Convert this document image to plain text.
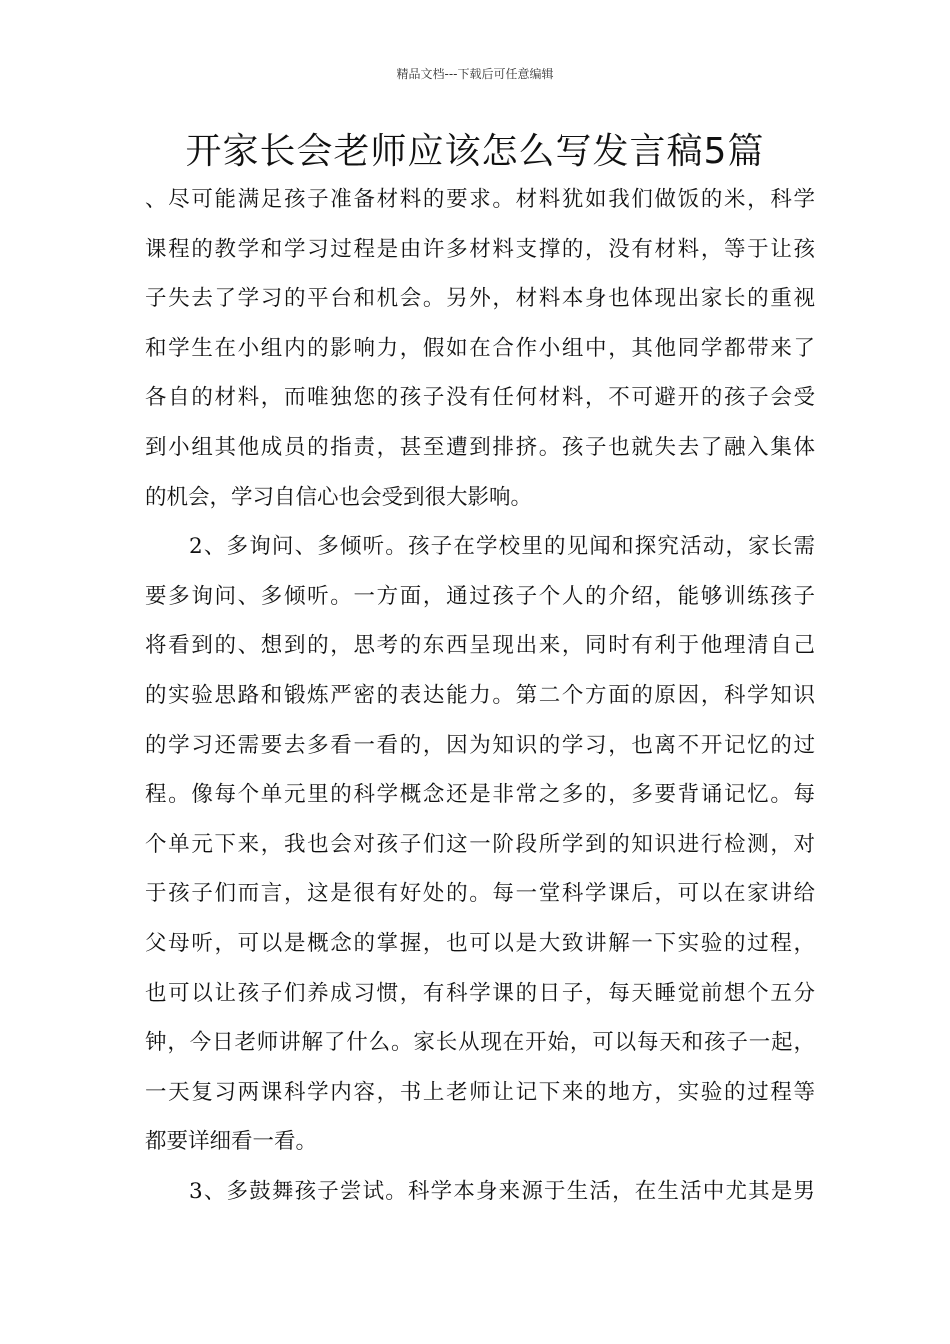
精品文档---下载后可任意编辑
开家长会老师应该怎么写发言稿5篇
、尽可能满足孩子准备材料的要求。材料犹如我们做饭的米，科学
课程的教学和学习过程是由许多材料支撑的，没有材料，等于让孩
子失去了学习的平台和机会。另外，材料本身也体现出家长的重视
和学生在小组内的影响力，假如在合作小组中，其他同学都带来了
各自的材料，而唯独您的孩子没有任何材料，不可避开的孩子会受
到小组其他成员的指责，甚至遭到排挤。孩子也就失去了融入集体
的机会，学习自信心也会受到很大影响。
2、多询问、多倾听。孩子在学校里的见闻和探究活动，家长需
要多询问、多倾听。一方面，通过孩子个人的介绍，能够训练孩子
将看到的、想到的，思考的东西呈现出来，同时有利于他理清自己
的实验思路和锻炼严密的表达能力。第二个方面的原因，科学知识
的学习还需要去多看一看的，因为知识的学习，也离不开记忆的过
程。像每个单元里的科学概念还是非常之多的，多要背诵记忆。每
个单元下来，我也会对孩子们这一阶段所学到的知识进行检测，对
于孩子们而言，这是很有好处的。每一堂科学课后，可以在家讲给
父母听，可以是概念的掌握，也可以是大致讲解一下实验的过程，
也可以让孩子们养成习惯，有科学课的日子，每天睡觉前想个五分
钟，今日老师讲解了什么。家长从现在开始，可以每天和孩子一起，
一天复习两课科学内容，书上老师让记下来的地方，实验的过程等
都要详细看一看。
3、多鼓舞孩子尝试。科学本身来源于生活，在生活中尤其是男
